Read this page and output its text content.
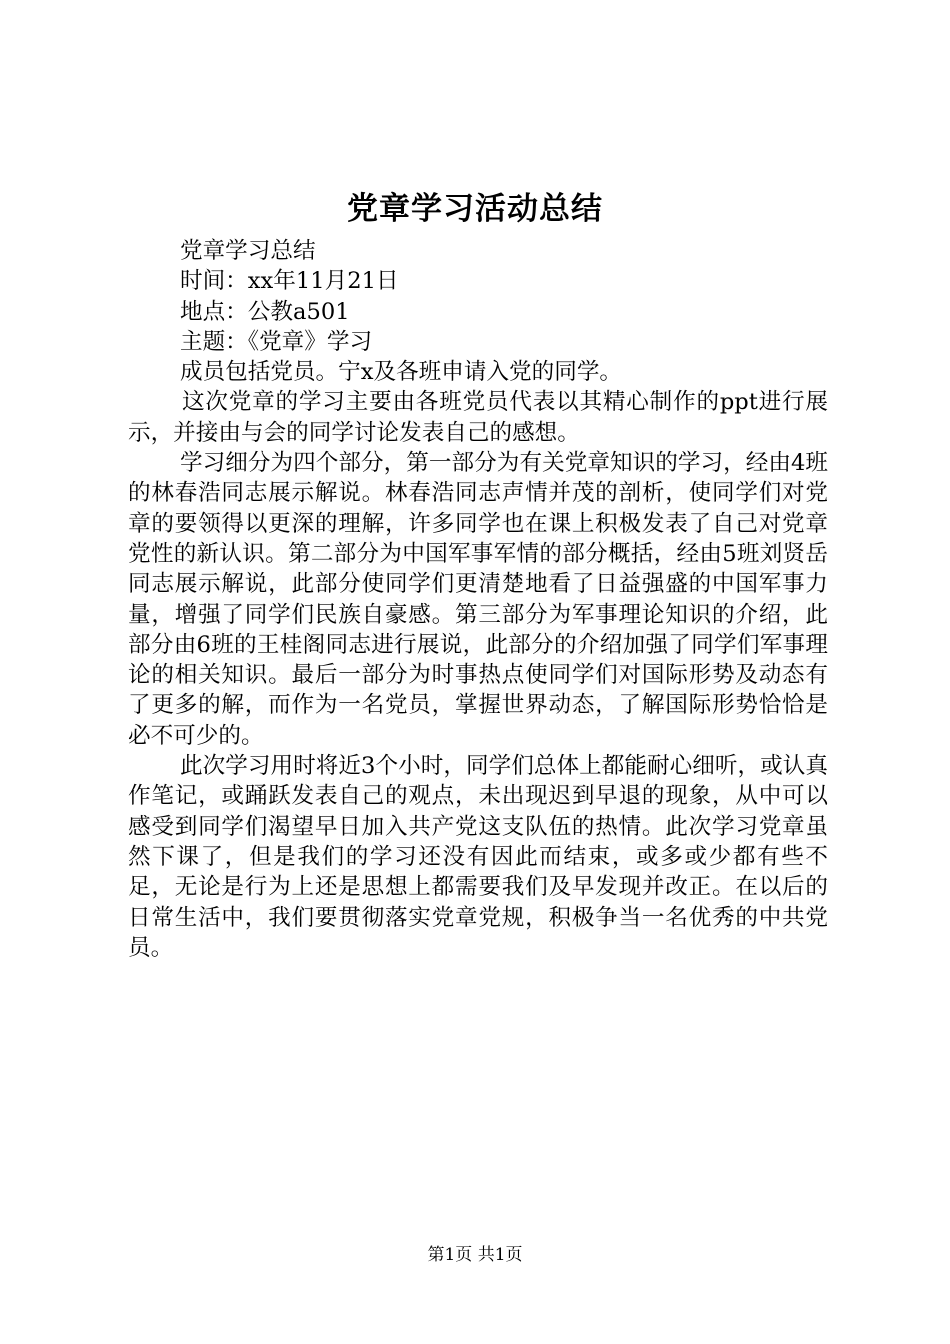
党章学习活动总结

党章学习总结

时间：xx年11月21日

地点：公教a501

主题：《党章》学习

成员包括党员。宁x及各班申请入党的同学。

这次党章的学习主要由各班党员代表以其精心制作的ppt进行展示，并接由与会的同学讨论发表自己的感想。

学习细分为四个部分，第一部分为有关党章知识的学习，经由4班的林春浩同志展示解说。林春浩同志声情并茂的剖析，使同学们对党章的要领得以更深的理解，许多同学也在课上积极发表了自己对党章党性的新认识。第二部分为中国军事军情的部分概括，经由5班刘贤岳同志展示解说，此部分使同学们更清楚地看了日益强盛的中国军事力量，增强了同学们民族自豪感。第三部分为军事理论知识的介绍，此部分由6班的王桂阁同志进行展说，此部分的介绍加强了同学们军事理论的相关知识。最后一部分为时事热点使同学们对国际形势及动态有了更多的解，而作为一名党员，掌握世界动态，了解国际形势恰恰是必不可少的。

此次学习用时将近3个小时，同学们总体上都能耐心细听，或认真作笔记，或踊跃发表自己的观点，未出现迟到早退的现象，从中可以感受到同学们渴望早日加入共产党这支队伍的热情。此次学习党章虽然下课了，但是我们的学习还没有因此而结束，或多或少都有些不足，无论是行为上还是思想上都需要我们及早发现并改正。在以后的日常生活中，我们要贯彻落实党章党规，积极争当一名优秀的中共党员。

第1页 共1页
